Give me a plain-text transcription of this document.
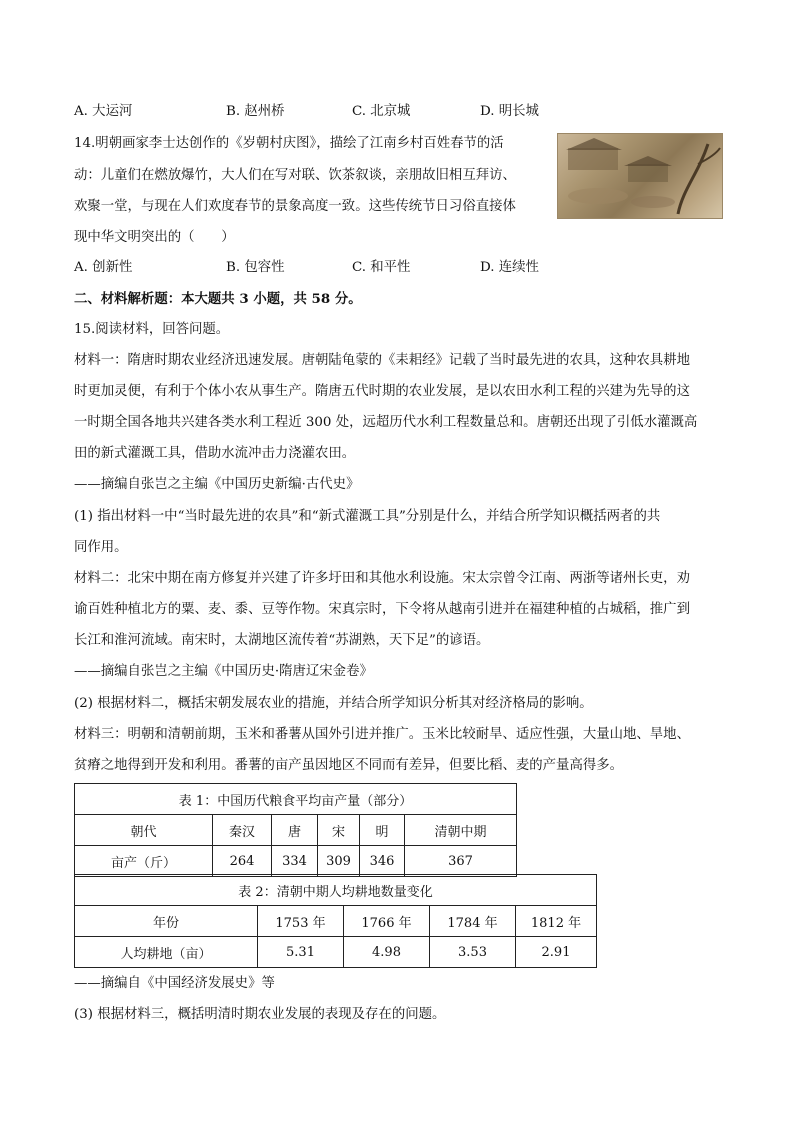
A. 大运河	B. 赵州桥	C. 北京城	D. 明长城
14.明朝画家李士达创作的《岁朝村庆图》，描绘了江南乡村百姓春节的活
动：儿童们在燃放爆竹，大人们在写对联、饮茶叙谈，亲朋故旧相互拜访、
欢聚一堂，与现在人们欢度春节的景象高度一致。这些传统节日习俗直接体
现中华文明突出的（　　）
A. 创新性	B. 包容性	C. 和平性	D. 连续性
二、材料解析题：本大题共 3 小题，共 58 分。
15.阅读材料，回答问题。
材料一：隋唐时期农业经济迅速发展。唐朝陆龟蒙的《耒耜经》记载了当时最先进的农具，这种农具耕地
时更加灵便，有利于个体小农从事生产。隋唐五代时期的农业发展，是以农田水利工程的兴建为先导的这
一时期全国各地共兴建各类水利工程近 300 处，远超历代水利工程数量总和。唐朝还出现了引低水灌溉高
田的新式灌溉工具，借助水流冲击力浇灌农田。
——摘编自张岂之主编《中国历史新编·古代史》
(1) 指出材料一中“当时最先进的农具”和“新式灌溉工具”分别是什么，并结合所学知识概括两者的共
同作用。
材料二：北宋中期在南方修复并兴建了许多圩田和其他水利设施。宋太宗曾令江南、两浙等诸州长吏，劝
谕百姓种植北方的粟、麦、黍、豆等作物。宋真宗时，下令将从越南引进并在福建种植的占城稻，推广到
长江和淮河流域。南宋时，太湖地区流传着“苏湖熟，天下足”的谚语。
——摘编自张岂之主编《中国历史·隋唐辽宋金卷》
(2) 根据材料二，概括宋朝发展农业的措施，并结合所学知识分析其对经济格局的影响。
材料三：明朝和清朝前期，玉米和番薯从国外引进并推广。玉米比较耐旱、适应性强，大量山地、旱地、
贫瘠之地得到开发和利用。番薯的亩产虽因地区不同而有差异，但要比稻、麦的产量高得多。
表 1：中国历代粮食平均亩产量（部分）					
朝代	秦汉	唐	宋	明	清朝中期
亩产（斤）	264	334	309	346	367
表 2：清朝中期人均耕地数量变化				
年份	1753 年	1766 年	1784 年	1812 年
人均耕地（亩）	5.31	4.98	3.53	2.91
——摘编自《中国经济发展史》等
(3) 根据材料三，概括明清时期农业发展的表现及存在的问题。
